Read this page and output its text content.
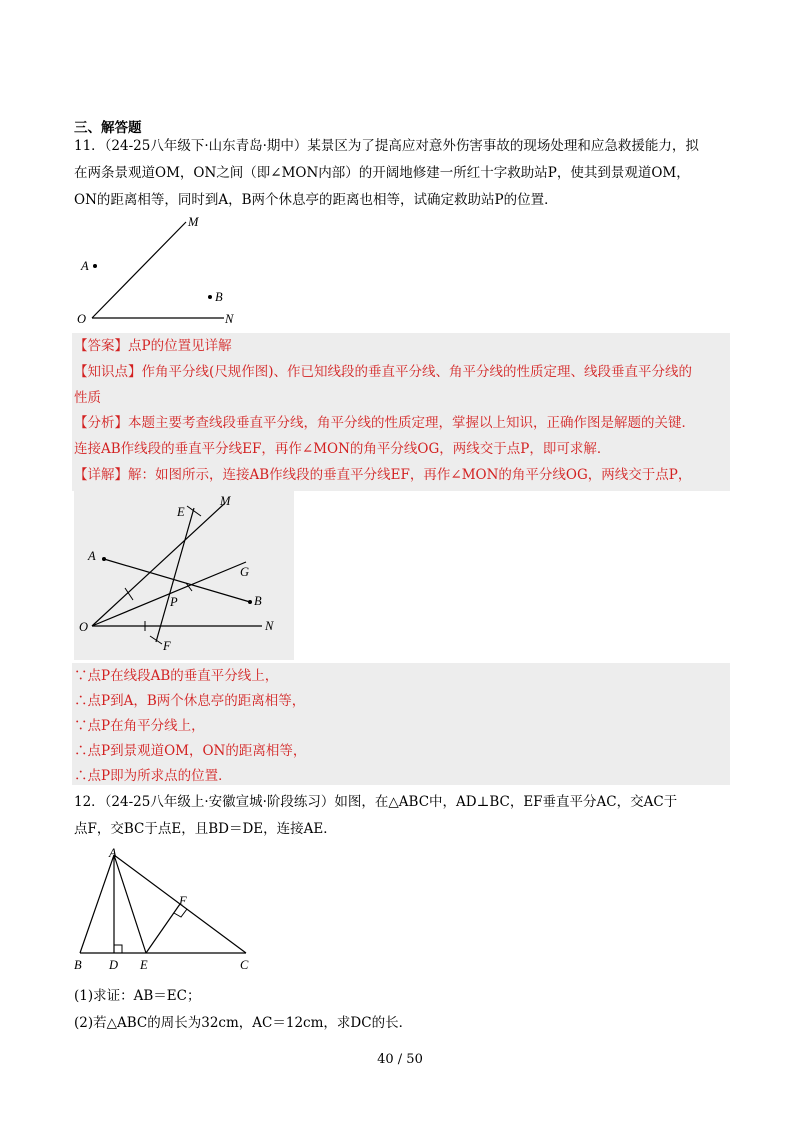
三、解答题
11．（24-25八年级下·山东青岛·期中）某景区为了提高应对意外伤害事故的现场处理和应急救援能力，拟
在两条景观道OM，ON之间（即∠MON内部）的开阔地修建一所红十字救助站P，使其到景观道OM，
ON的距离相等，同时到A，B两个休息亭的距离也相等，试确定救助站P的位置．
M
A
B
O	N
【答案】点P的位置见详解
【知识点】作角平分线(尺规作图)、作已知线段的垂直平分线、角平分线的性质定理、线段垂直平分线的
性质
【分析】本题主要考查线段垂直平分线，角平分线的性质定理，掌握以上知识，正确作图是解题的关键．
连接AB作线段的垂直平分线EF，再作∠MON的角平分线OG，两线交于点P，即可求解．
【详解】解：如图所示，连接AB作线段的垂直平分线EF，再作∠MON的角平分线OG，两线交于点P，
E
M
A
G
P	B
O	N
F
∵点P在线段AB的垂直平分线上，
∴点P到A，B两个休息亭的距离相等，
∵点P在角平分线上，
∴点P到景观道OM，ON的距离相等，
∴点P即为所求点的位置．
12．（24-25八年级上·安徽宣城·阶段练习）如图，在△ABC中，AD⊥BC，EF垂直平分AC，交AC于
点F，交BC于点E，且BD＝DE，连接AE．
A
F
B D E	C
(1)求证：AB＝EC；
(2)若△ABC的周长为32cm，AC＝12cm，求DC的长．
40 / 50
